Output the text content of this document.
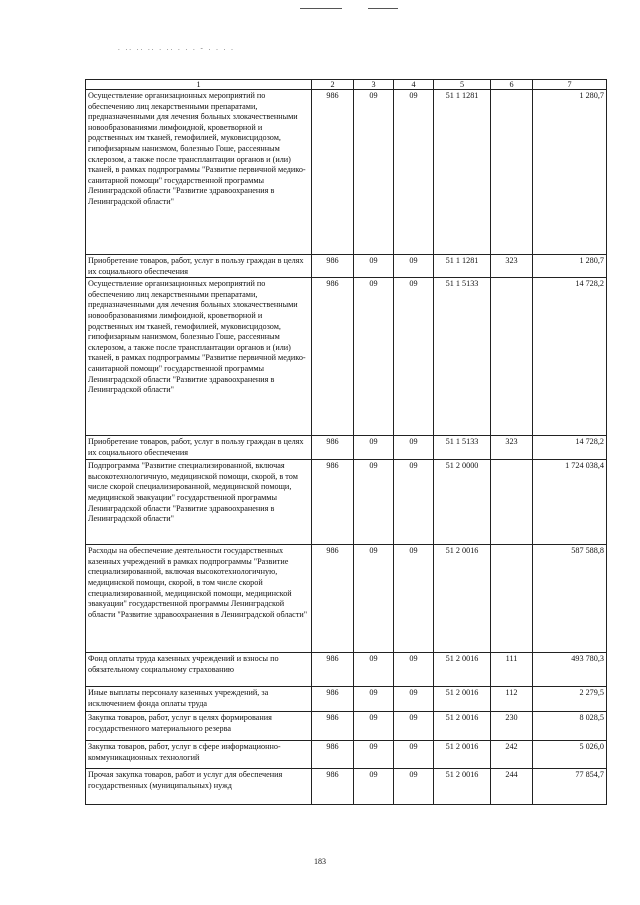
. .. .. .. . .. . . . - . . . .
1	2	3	4	5	6	7
Осуществление организационных мероприятий по обеспечению лиц лекарственными препаратами, предназначенными для лечения больных злокачественными новообразованиями лимфоидной, кроветворной и родственных им тканей, гемофилией, муковисцидозом, гипофизарным нанизмом, болезнью Гоше, рассеянным склерозом, а также после трансплантации органов и (или) тканей, в рамках подпрограммы "Развитие первичной медико-санитарной помощи" государственной программы Ленинградской области "Развитие здравоохранения в Ленинградской области"	986	09	09	51 1 1281		1 280,7
Приобретение товаров, работ, услуг в пользу граждан в целях их социального обеспечения	986	09	09	51 1 1281	323	1 280,7
Осуществление организационных мероприятий по обеспечению лиц лекарственными препаратами, предназначенными для лечения больных злокачественными новообразованиями лимфоидной, кроветворной и родственных им тканей, гемофилией, муковисцидозом, гипофизарным нанизмом, болезнью Гоше, рассеянным склерозом, а также после трансплантации органов и (или) тканей, в рамках подпрограммы "Развитие первичной медико-санитарной помощи" государственной программы Ленинградской области "Развитие здравоохранения в Ленинградской области"	986	09	09	51 1 5133		14 728,2
Приобретение товаров, работ, услуг в пользу граждан в целях их социального обеспечения	986	09	09	51 1 5133	323	14 728,2
Подпрограмма "Развитие специализированной, включая высокотехнологичную, медицинской помощи, скорой, в том числе скорой специализированной, медицинской помощи, медицинской эвакуации" государственной программы Ленинградской области "Развитие здравоохранения в Ленинградской области"	986	09	09	51 2 0000		1 724 038,4
Расходы на обеспечение деятельности государственных казенных учреждений в рамках подпрограммы "Развитие специализированной, включая высокотехнологичную, медицинской помощи, скорой, в том числе скорой специализированной, медицинской помощи, медицинской эвакуации" государственной программы Ленинградской области "Развитие здравоохранения в Ленинградской области"	986	09	09	51 2 0016		587 588,8
Фонд оплаты труда казенных учреждений и взносы по обязательному социальному страхованию	986	09	09	51 2 0016	111	493 780,3
Иные выплаты персоналу казенных учреждений, за исключением фонда оплаты труда	986	09	09	51 2 0016	112	2 279,5
Закупка товаров, работ, услуг в целях формирования государственного материального резерва	986	09	09	51 2 0016	230	8 028,5
Закупка товаров, работ, услуг в сфере информационно-коммуникационных технологий	986	09	09	51 2 0016	242	5 026,0
Прочая закупка товаров, работ и услуг для обеспечения государственных (муниципальных) нужд	986	09	09	51 2 0016	244	77 854,7
183
